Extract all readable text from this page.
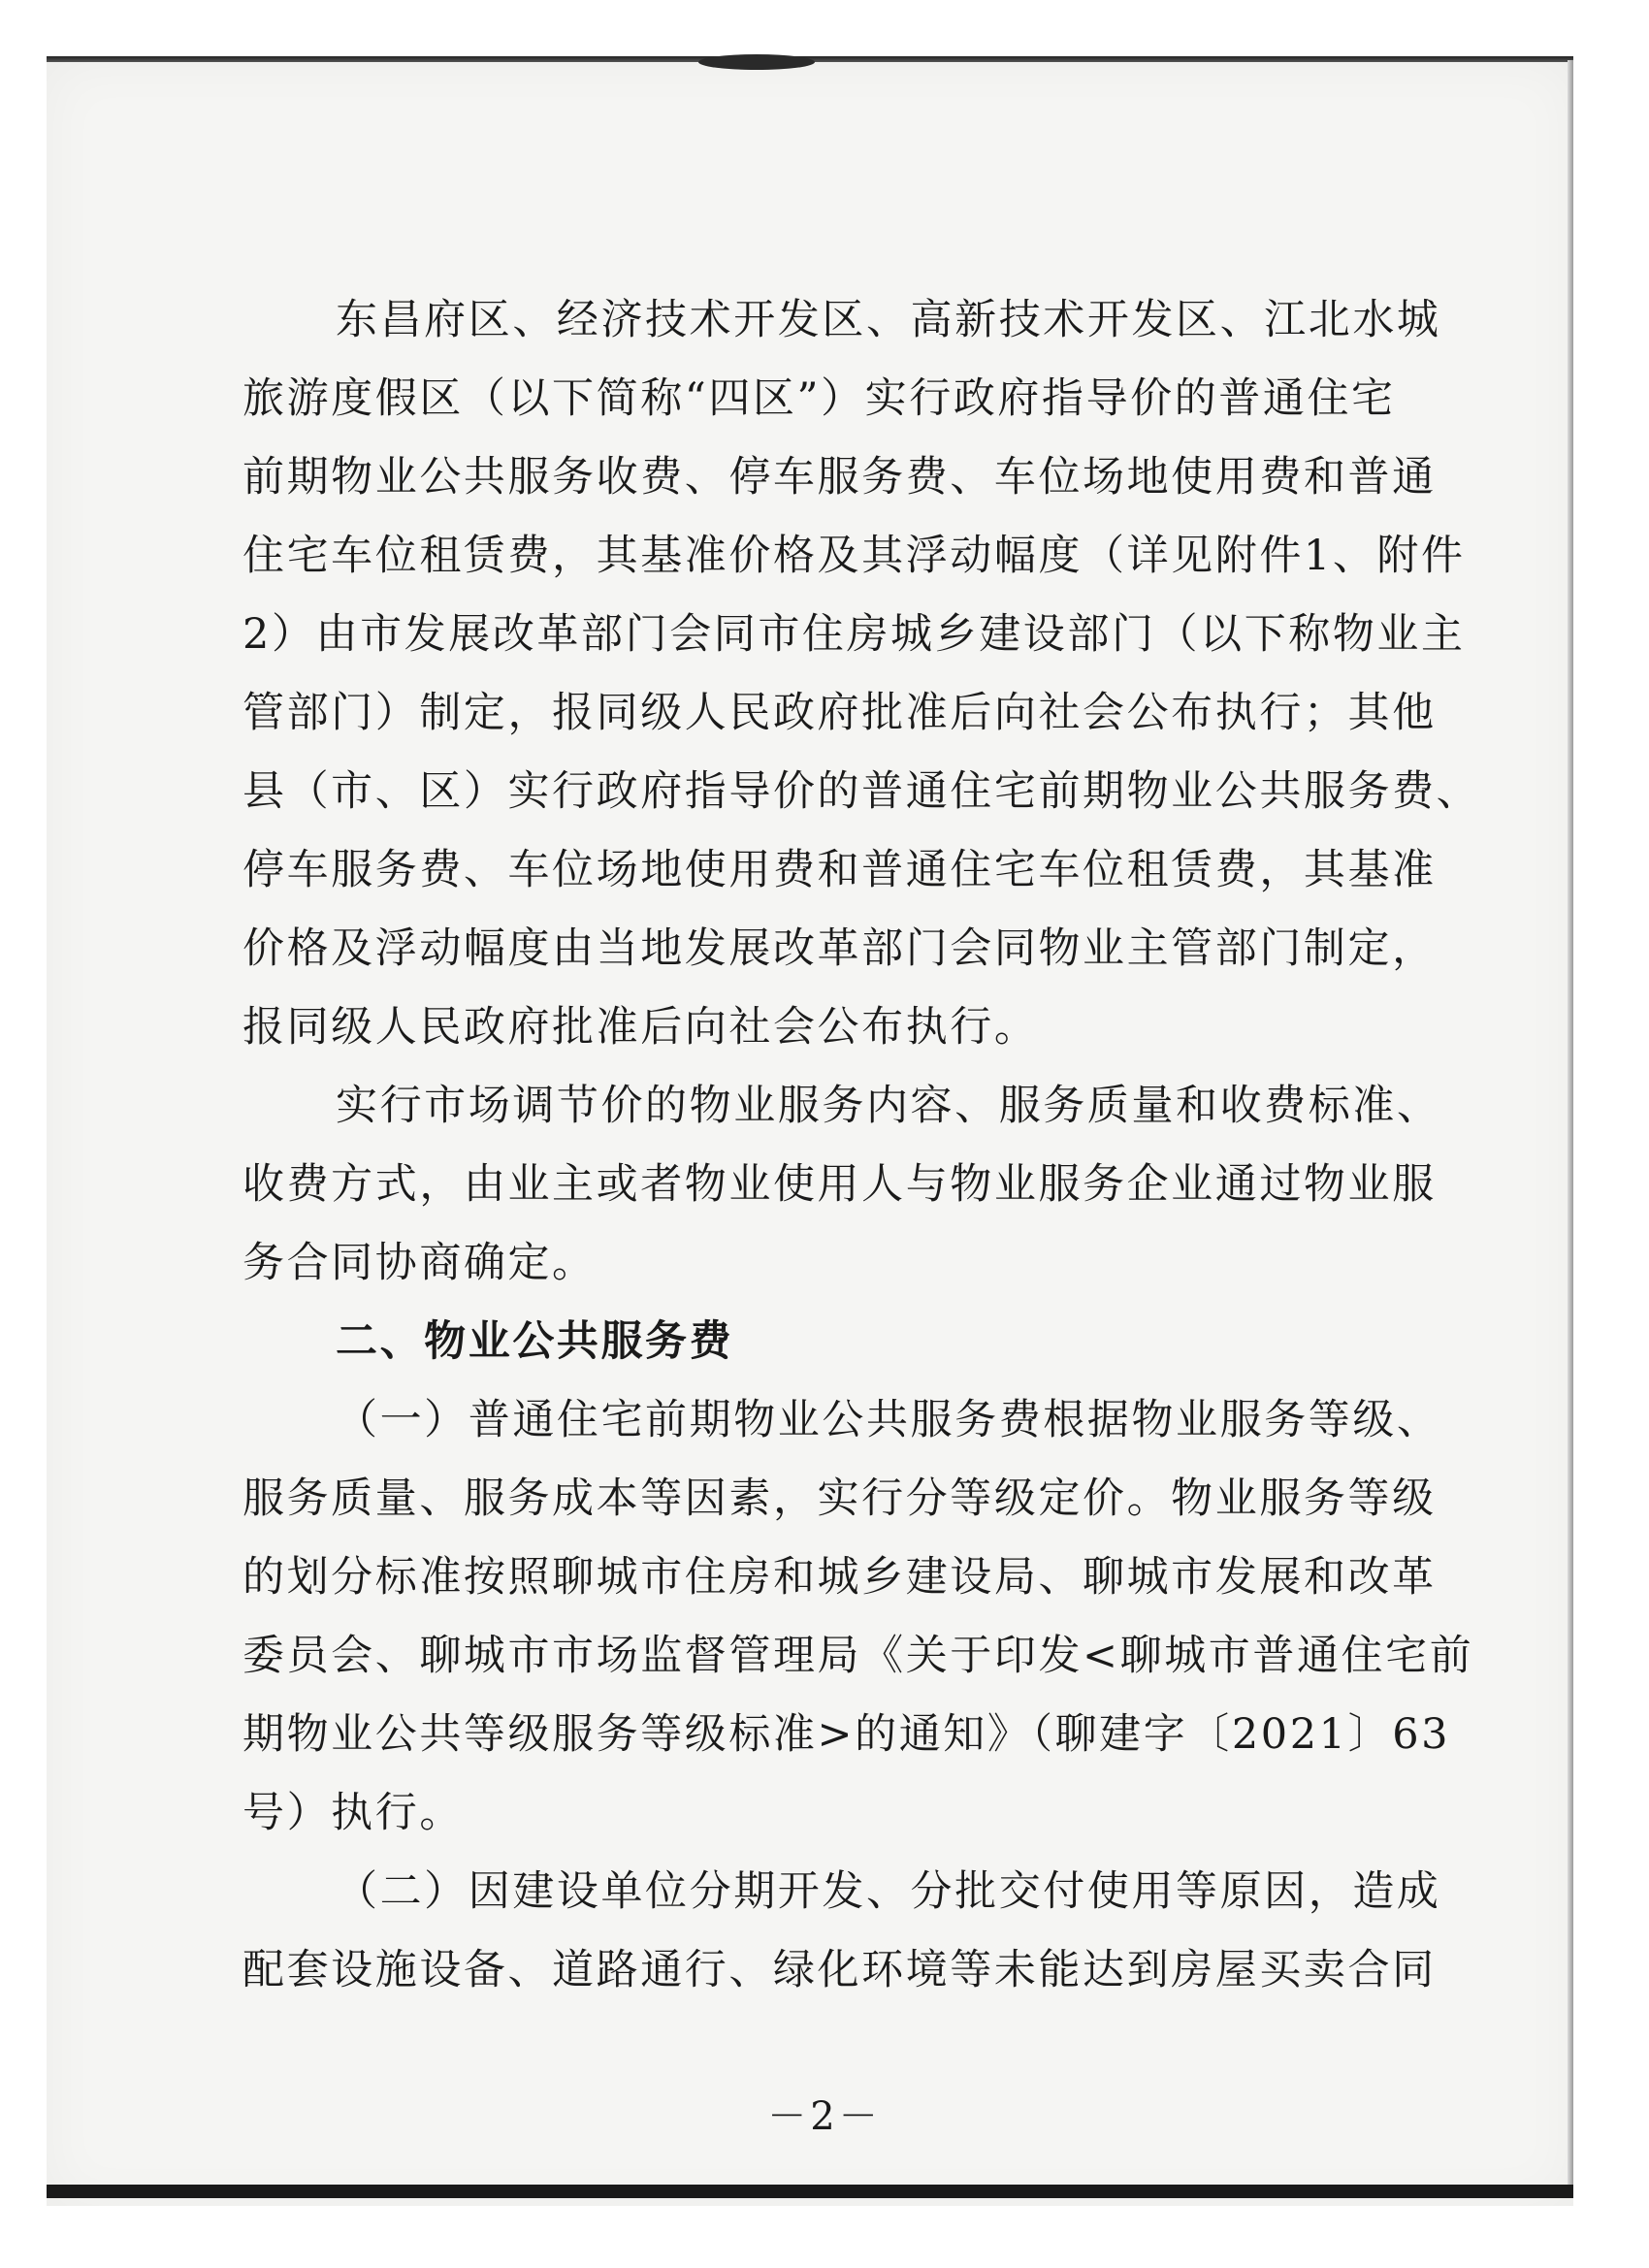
东昌府区、经济技术开发区、高新技术开发区、江北水城
旅游度假区（以下简称“四区”）实行政府指导价的普通住宅
前期物业公共服务收费、停车服务费、车位场地使用费和普通
住宅车位租赁费，其基准价格及其浮动幅度（详见附件1、附件
2）由市发展改革部门会同市住房城乡建设部门（以下称物业主
管部门）制定，报同级人民政府批准后向社会公布执行；其他
县（市、区）实行政府指导价的普通住宅前期物业公共服务费、
停车服务费、车位场地使用费和普通住宅车位租赁费，其基准
价格及浮动幅度由当地发展改革部门会同物业主管部门制定，
报同级人民政府批准后向社会公布执行。
实行市场调节价的物业服务内容、服务质量和收费标准、
收费方式，由业主或者物业使用人与物业服务企业通过物业服
务合同协商确定。
二、物业公共服务费
（一）普通住宅前期物业公共服务费根据物业服务等级、
服务质量、服务成本等因素，实行分等级定价。物业服务等级
的划分标准按照聊城市住房和城乡建设局、聊城市发展和改革
委员会、聊城市市场监督管理局《关于印发<聊城市普通住宅前
期物业公共等级服务等级标准>的通知》（聊建字〔2021〕63
号）执行。
（二）因建设单位分期开发、分批交付使用等原因，造成
配套设施设备、道路通行、绿化环境等未能达到房屋买卖合同
－2－
